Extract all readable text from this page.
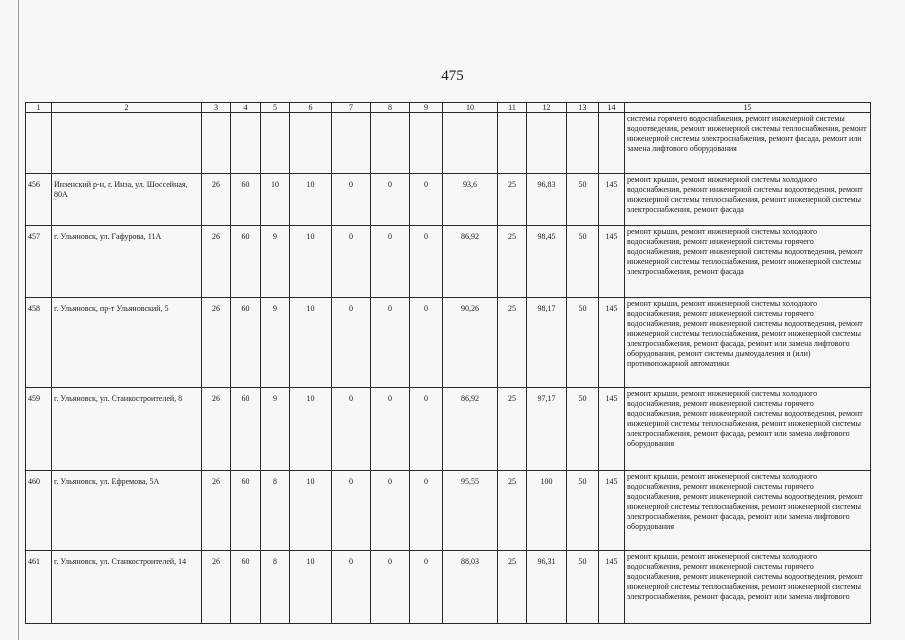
475
1	2	3	4	5	6	7	8	9	10	11	12	13	14	15
														системы горячего водоснабжения, ремонт инженерной системы водоотведения, ремонт инженерной системы теплоснабжения, ремонт инженерной системы электроснабжения, ремонт фасада, ремонт или замена лифтового оборудования
456	Инзенский р-н, г. Инза, ул. Шоссейная, 80А	26	60	10	10	0	0	0	93,6	25	96,83	50	145	ремонт крыши, ремонт инженерной системы холодного водоснабжения, ремонт инженерной системы водоотведения, ремонт инженерной системы теплоснабжения, ремонт инженерной системы электроснабжения, ремонт фасада
457	г. Ульяновск, ул. Гафурова, 11А	26	60	9	10	0	0	0	86,92	25	98,45	50	145	ремонт крыши, ремонт инженерной системы холодного водоснабжения, ремонт инженерной системы горячего водоснабжения, ремонт инженерной системы водоотведения, ремонт инженерной системы теплоснабжения, ремонт инженерной системы электроснабжения, ремонт фасада
458	г. Ульяновск, пр-т Ульяновский, 5	26	60	9	10	0	0	0	90,26	25	98,17	50	145	ремонт крыши, ремонт инженерной системы холодного водоснабжения, ремонт инженерной системы горячего водоснабжения, ремонт инженерной системы водоотведения, ремонт инженерной системы теплоснабжения, ремонт инженерной системы электроснабжения, ремонт фасада, ремонт или замена лифтового оборудования, ремонт системы дымоудаления и (или) противопожарной автоматики
459	г. Ульяновск, ул. Станкостроителей, 8	26	60	9	10	0	0	0	86,92	25	97,17	50	145	ремонт крыши, ремонт инженерной системы холодного водоснабжения, ремонт инженерной системы горячего водоснабжения, ремонт инженерной системы водоотведения, ремонт инженерной системы теплоснабжения, ремонт инженерной системы электроснабжения, ремонт фасада, ремонт или замена лифтового оборудования
460	г. Ульяновск, ул. Ефремова, 5А	26	60	8	10	0	0	0	95,55	25	100	50	145	ремонт крыши, ремонт инженерной системы холодного водоснабжения, ремонт инженерной системы горячего водоснабжения, ремонт инженерной системы водоотведения, ремонт инженерной системы теплоснабжения, ремонт инженерной системы электроснабжения, ремонт фасада, ремонт или замена лифтового оборудования
461	г. Ульяновск, ул. Станкостроителей, 14	26	60	8	10	0	0	0	88,03	25	96,31	50	145	ремонт крыши, ремонт инженерной системы холодного водоснабжения, ремонт инженерной системы горячего водоснабжения, ремонт инженерной системы водоотведения, ремонт инженерной системы теплоснабжения, ремонт инженерной системы электроснабжения, ремонт фасада, ремонт или замена лифтового
